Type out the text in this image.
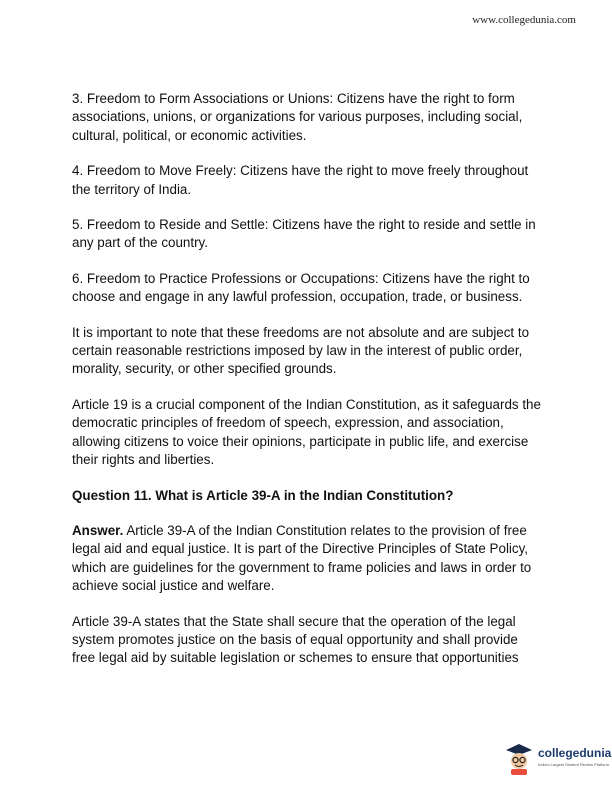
www.collegedunia.com

3. Freedom to Form Associations or Unions: Citizens have the right to form associations, unions, or organizations for various purposes, including social, cultural, political, or economic activities.

4. Freedom to Move Freely: Citizens have the right to move freely throughout the territory of India.

5. Freedom to Reside and Settle: Citizens have the right to reside and settle in any part of the country.

6. Freedom to Practice Professions or Occupations: Citizens have the right to choose and engage in any lawful profession, occupation, trade, or business.

It is important to note that these freedoms are not absolute and are subject to certain reasonable restrictions imposed by law in the interest of public order, morality, security, or other specified grounds.

Article 19 is a crucial component of the Indian Constitution, as it safeguards the democratic principles of freedom of speech, expression, and association, allowing citizens to voice their opinions, participate in public life, and exercise their rights and liberties.

Question 11. What is Article 39-A in the Indian Constitution?

Answer. Article 39-A of the Indian Constitution relates to the provision of free legal aid and equal justice. It is part of the Directive Principles of State Policy, which are guidelines for the government to frame policies and laws in order to achieve social justice and welfare.

Article 39-A states that the State shall secure that the operation of the legal system promotes justice on the basis of equal opportunity and shall provide free legal aid by suitable legislation or schemes to ensure that opportunities

collegedunia
India's Largest Student Review Platform
